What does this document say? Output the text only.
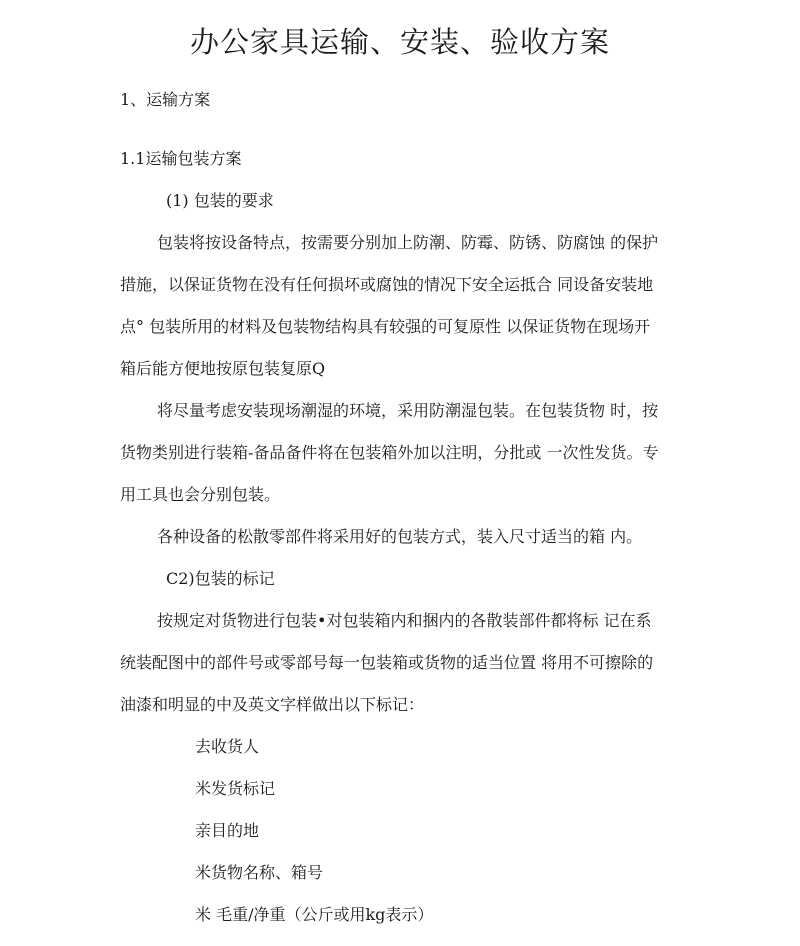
办公家具运输、安装、验收方案
1、运输方案
1.1运输包装方案
(1) 包装的要求
包装将按设备特点，按需要分别加上防潮、防霉、防锈、防腐蚀 的保护
措施，以保证货物在没有任何损坏或腐蚀的情况下安全运抵合 同设备安装地
点° 包装所用的材料及包装物结构具有较强的可复原性 以保证货物在现场开
箱后能方便地按原包装复原Q
将尽量考虑安装现场潮湿的环境，采用防潮湿包装。在包装货物 时，按
货物类别进行装箱-备品备件将在包装箱外加以注明，分批或 一次性发货。专
用工具也会分别包装。
各种设备的松散零部件将采用好的包装方式，装入尺寸适当的箱 内。
C2)包装的标记
按规定对货物进行包装•对包装箱内和捆内的各散装部件都将标 记在系
统装配图中的部件号或零部号每一包装箱或货物的适当位置 将用不可擦除的
油漆和明显的中及英文字样做出以下标记：
去收货人
米发货标记
亲目的地
米货物名称、箱号
米 毛重/净重（公斤或用kg表示）
